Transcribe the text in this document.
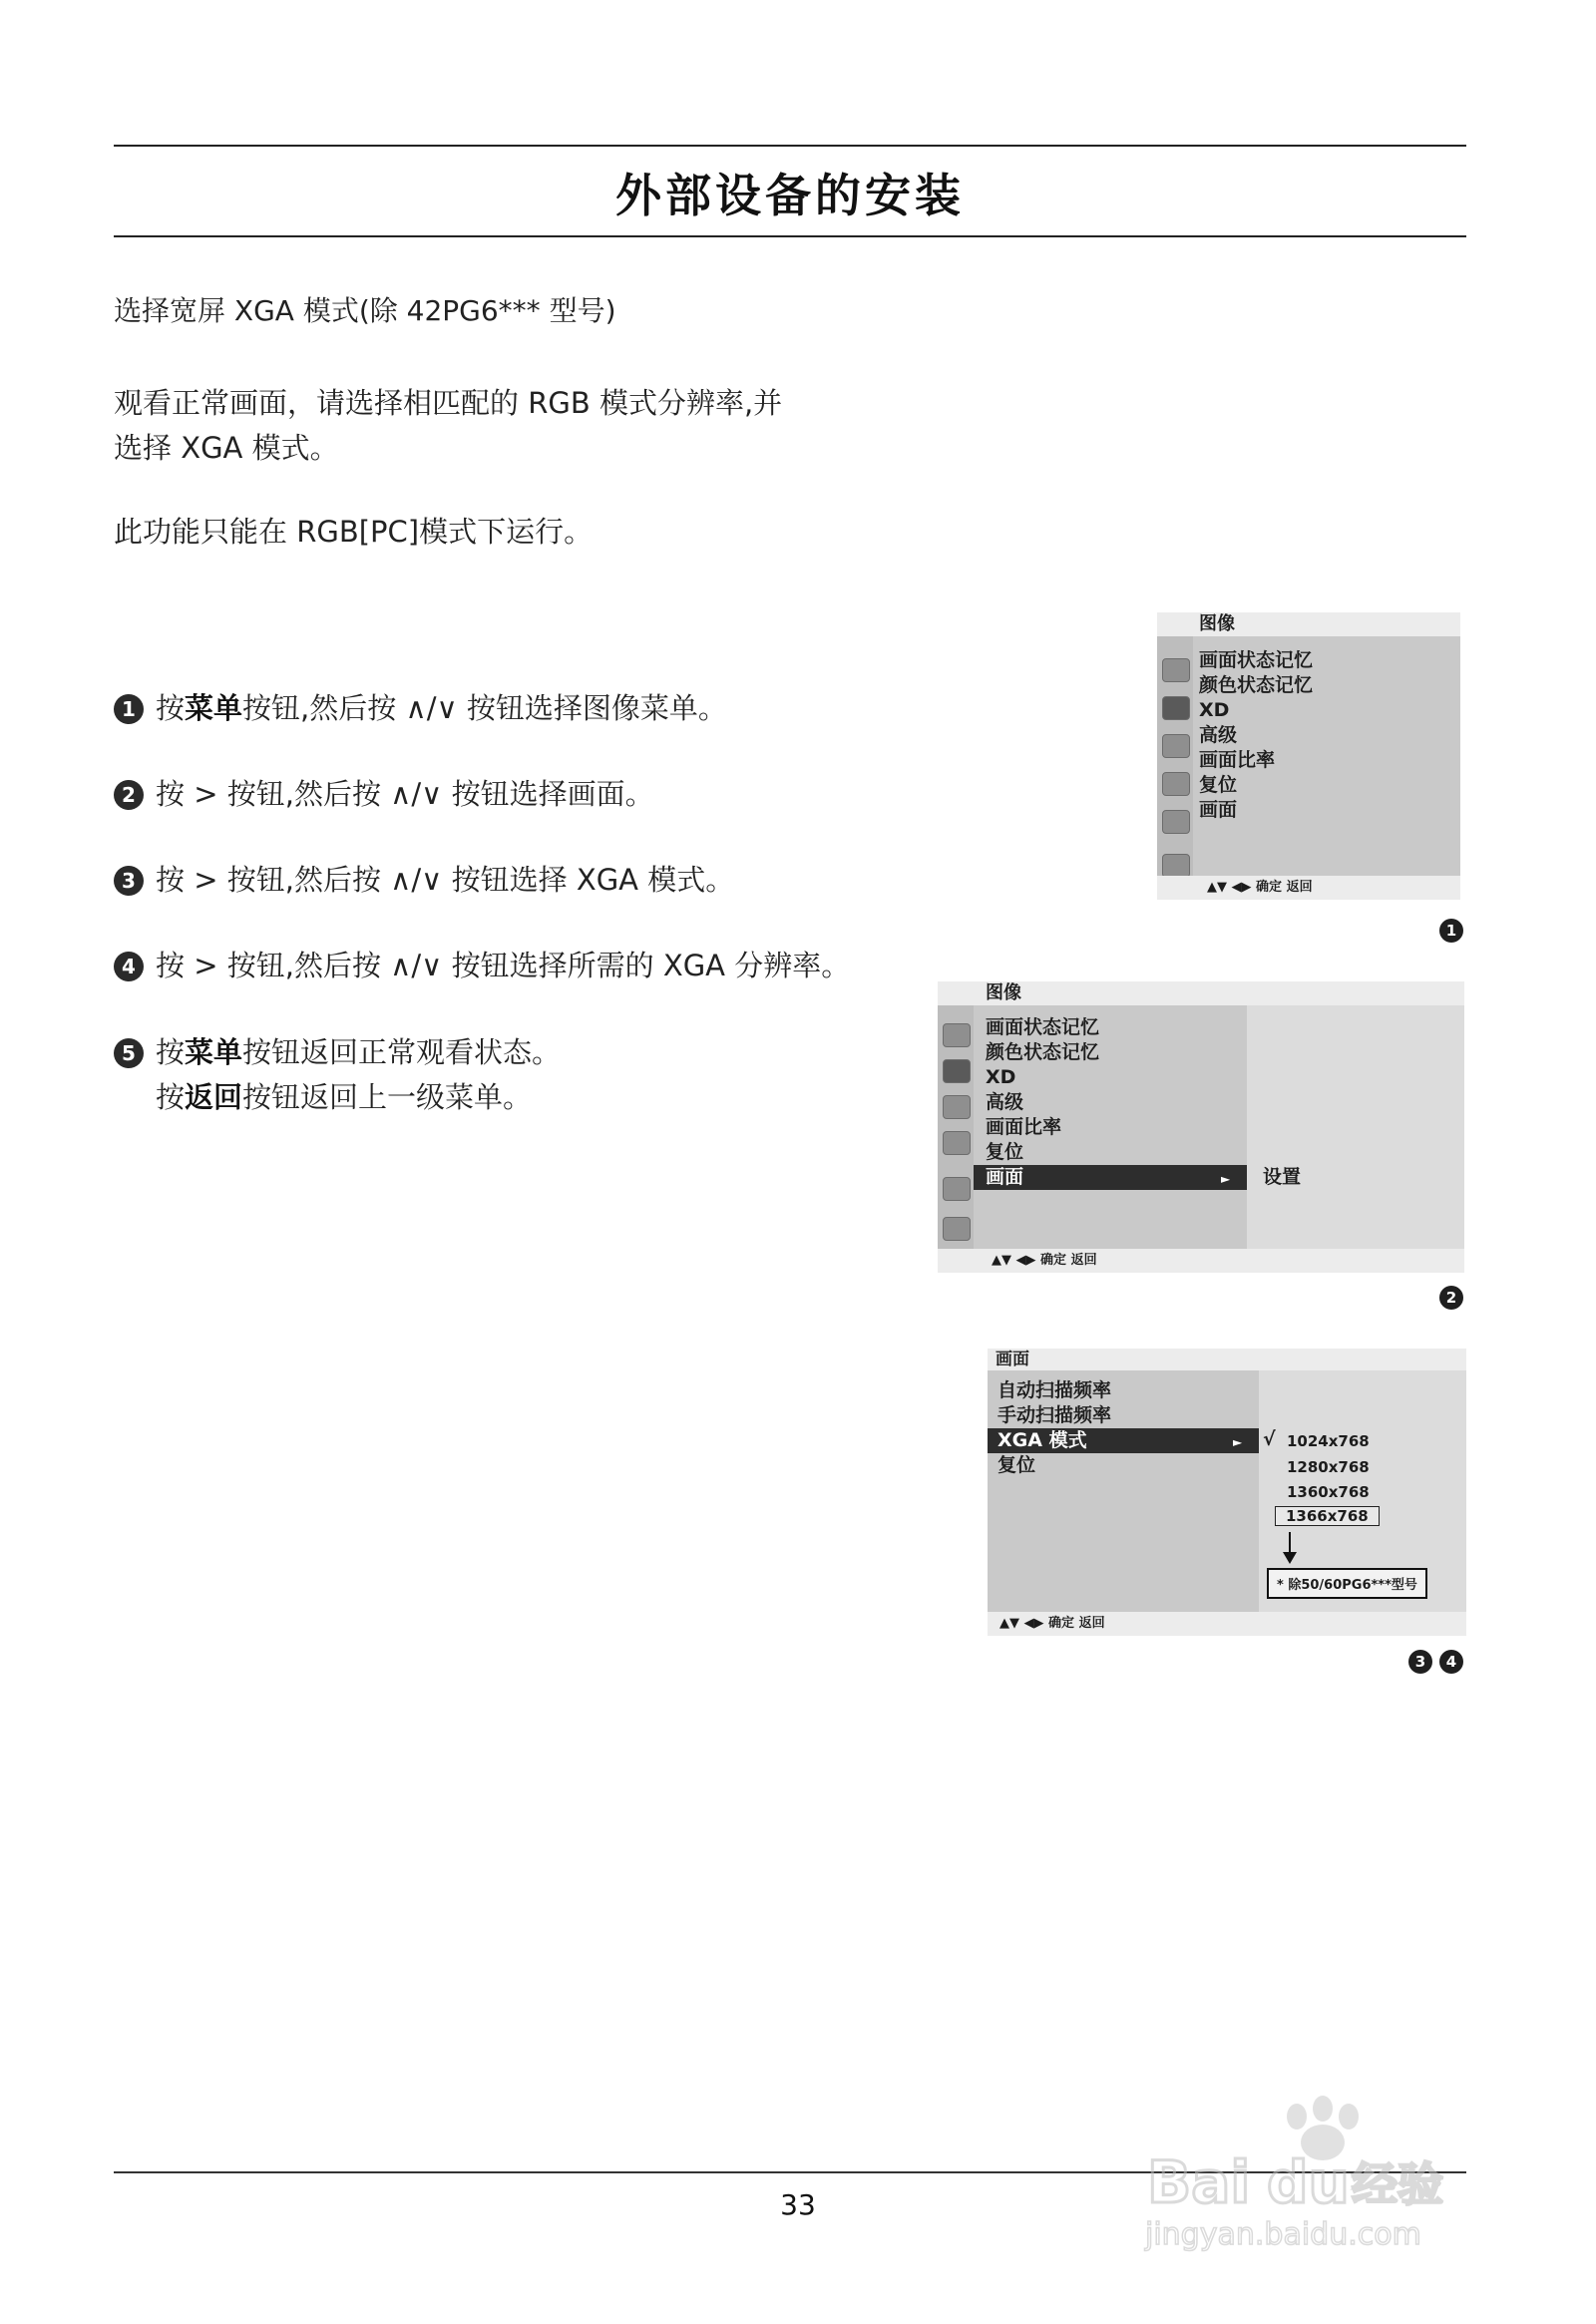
外部设备的安装
选择宽屏 XGA 模式(除 42PG6*** 型号)
观看正常画面，请选择相匹配的 RGB 模式分辨率,并
选择 XGA 模式。
此功能只能在 RGB[PC]模式下运行。
1 按菜单按钮,然后按 ∧/∨ 按钮选择图像菜单。
2 按 > 按钮,然后按 ∧/∨ 按钮选择画面。
3 按 > 按钮,然后按 ∧/∨ 按钮选择 XGA 模式。
4 按 > 按钮,然后按 ∧/∨ 按钮选择所需的 XGA 分辨率。
5 按菜单按钮返回正常观看状态。
按返回按钮返回上一级菜单。
图像
画面状态记忆
颜色状态记忆
XD
高级
画面比率
复位
画面
▲▼ ◀▶ 确定 返回
1
图像
画面状态记忆
颜色状态记忆
XD
高级
画面比率
复位
画面	► 设置
▲▼ ◀▶ 确定 返回
2
画面
自动扫描频率
手动扫描频率
XGA 模式	►
复位
√ 1024x768
1280x768
1360x768
1366x768
* 除50/60PG6***型号
▲▼ ◀▶ 确定 返回
3	4
33	Bai du 经验
jingyan.baidu.com
